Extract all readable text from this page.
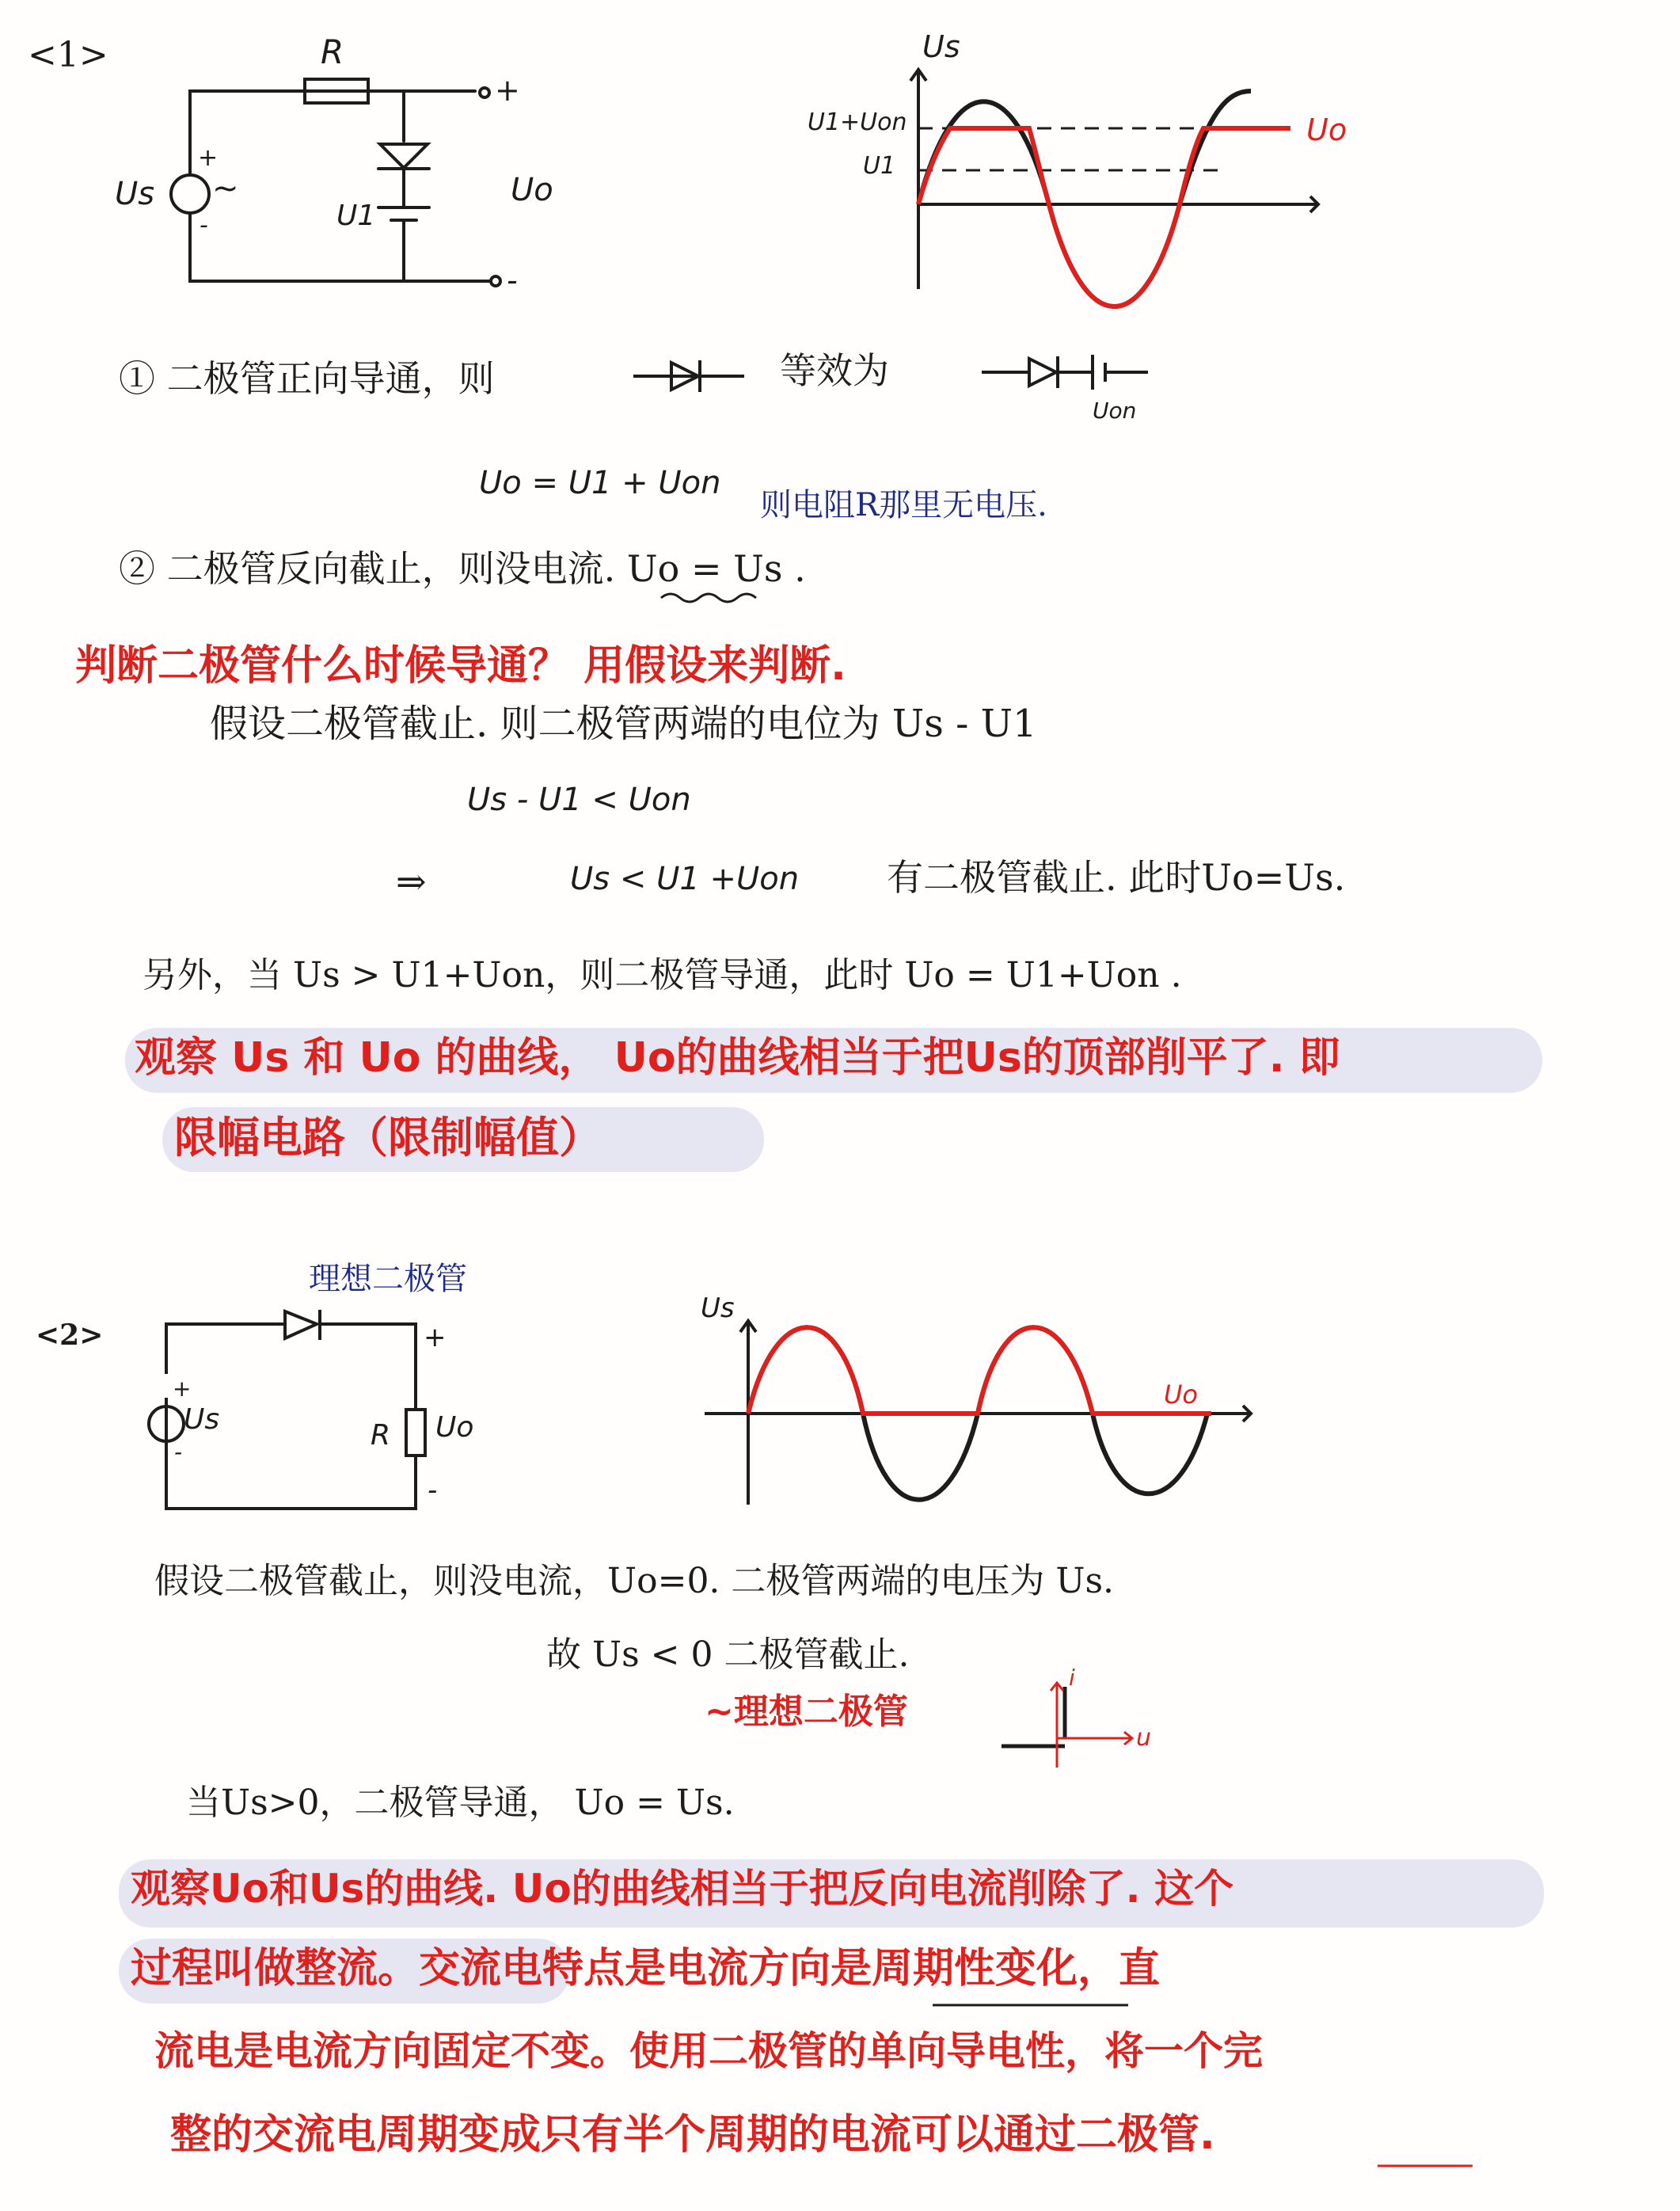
<1>	R
Us
+
-
~
U1
Uo
+
-
Us
U1+Uon
U1
Uo
① 二极管正向导通，则	等效为
Uon
Uo = U1 + Uon
则电阻R那里无电压.
② 二极管反向截止，则没电流. Uo = Us .
判断二极管什么时候导通？ 用假设来判断.
假设二极管截止. 则二极管两端的电位为 Us - U1
Us - U1 < Uon
⇒	Us < U1 +Uon 有二极管截止. 此时Uo=Us.
另外，当 Us > U1+Uon，则二极管导通，此时 Uo = U1+Uon .
观察 Us 和 Uo 的曲线， Uo的曲线相当于把Us的顶部削平了. 即
限幅电路（限制幅值）
理想二极管
<2>
Us
+
-
R Uo
+
-
Us
Uo
假设二极管截止，则没电流，Uo=0. 二极管两端的电压为 Us.
故 Us < 0 二极管截止.
~理想二极管
i
u
当Us>0，二极管导通， Uo = Us.
观察Uo和Us的曲线. Uo的曲线相当于把反向电流削除了. 这个
过程叫做整流。交流电特点是电流方向是周期性变化，直
流电是电流方向固定不变。使用二极管的单向导电性，将一个完
整的交流电周期变成只有半个周期的电流可以通过二极管.
